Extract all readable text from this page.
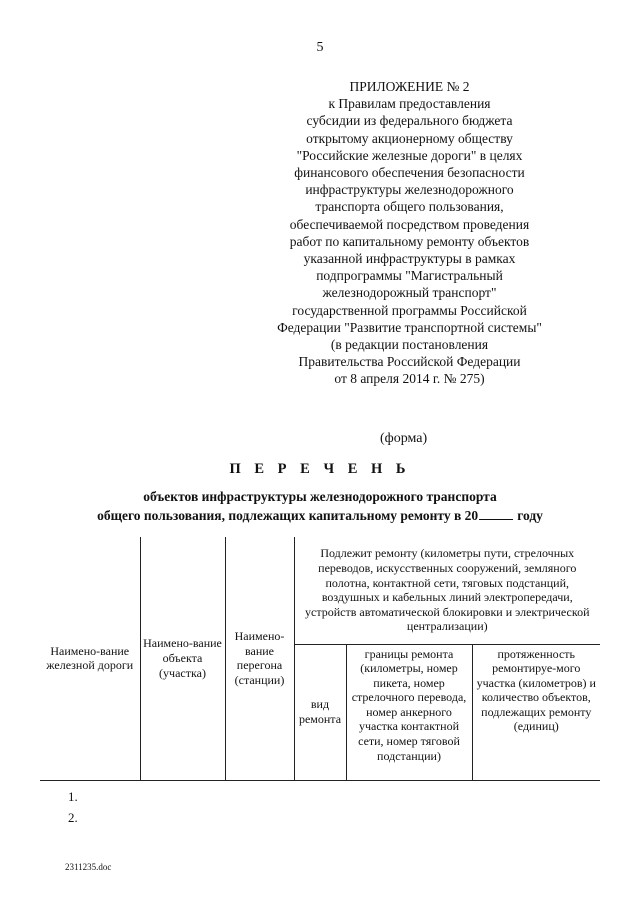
5
ПРИЛОЖЕНИЕ № 2
к Правилам предоставления
субсидии из федерального бюджета
открытому акционерному обществу
"Российские железные дороги" в целях
финансового обеспечения безопасности
инфраструктуры железнодорожного
транспорта общего пользования,
обеспечиваемой посредством проведения
работ по капитальному ремонту объектов
указанной инфраструктуры в рамках
подпрограммы "Магистральный
железнодорожный транспорт"
государственной программы Российской
Федерации "Развитие транспортной системы"
(в редакции постановления
Правительства Российской Федерации
от 8 апреля 2014 г. № 275)
(форма)
П Е Р Е Ч Е Н Ь
объектов инфраструктуры железнодорожного транспорта
общего пользования, подлежащих капитальному ремонту в 20	году
Наимено-вание железной дороги	Наимено-вание объекта (участка)	Наимено-вание перегона (станции)	Подлежит ремонту (километры пути, стрелочных переводов, искусственных сооружений, земляного полотна, контактной сети, тяговых подстанций, воздушных и кабельных линий электропередачи, устройств автоматической блокировки и электрической централизации)		
			вид ремонта	границы ремонта (километры, номер пикета, номер стрелочного перевода, номер анкерного участка контактной сети, номер тяговой подстанции)	протяженность ремонтируе-мого участка (километров) и количество объектов, подлежащих ремонту (единиц)
1.
2.
2311235.doc
